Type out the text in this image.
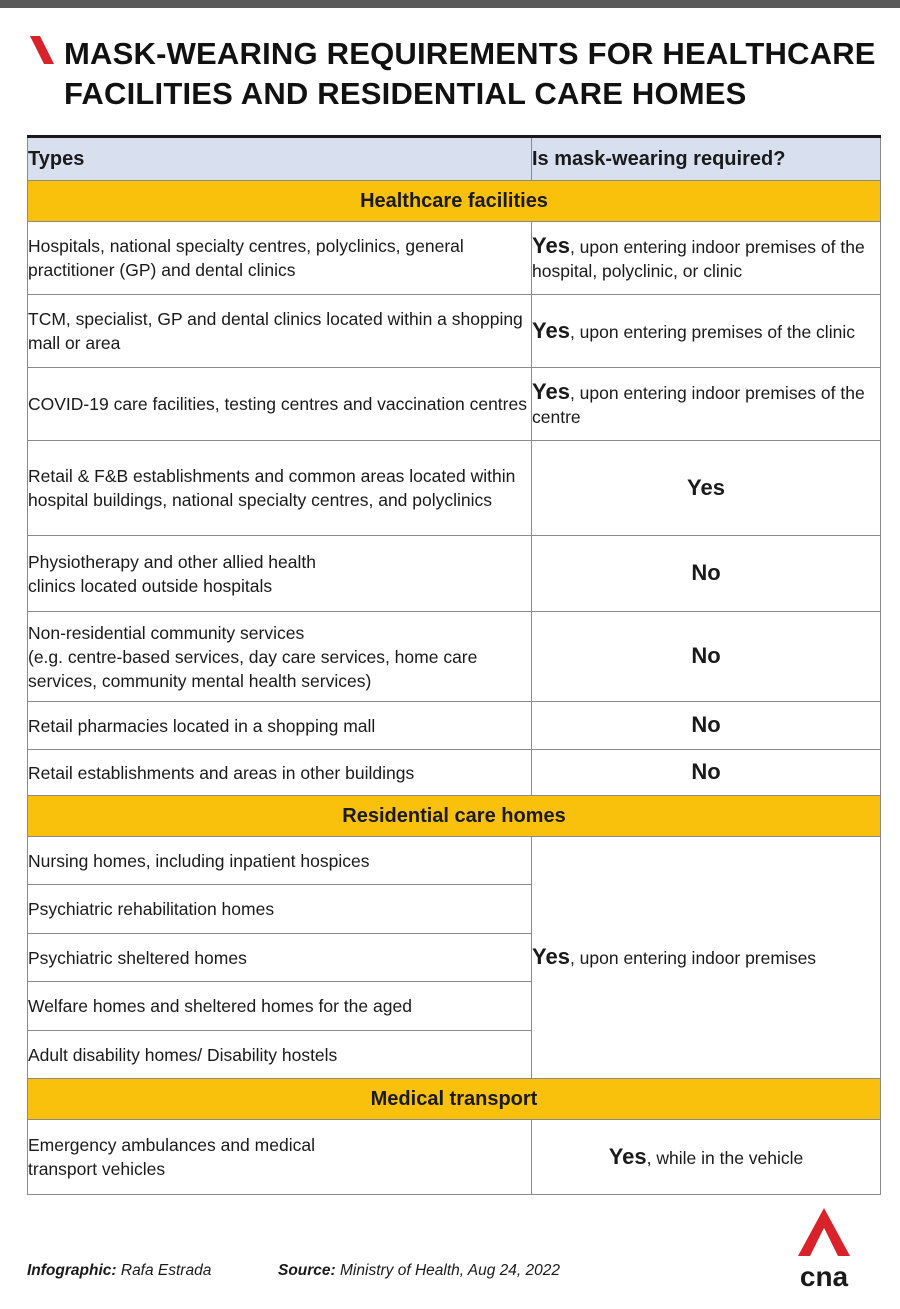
MASK-WEARING REQUIREMENTS FOR HEALTHCARE
FACILITIES AND RESIDENTIAL CARE HOMES
Types	Is mask-wearing required?
Healthcare facilities	
Hospitals, national specialty centres, polyclinics, general practitioner (GP) and dental clinics	Yes, upon entering indoor premises of the hospital, polyclinic, or clinic
TCM, specialist, GP and dental clinics located within a shopping mall or area	Yes, upon entering premises of the clinic
COVID-19 care facilities, testing centres and vaccination centres	Yes, upon entering indoor premises of the centre
Retail & F&B establishments and common areas located within hospital buildings, national specialty centres, and polyclinics	Yes
Physiotherapy and other allied health
clinics located outside hospitals	No
Non-residential community services
(e.g. centre-based services, day care services, home care services, community mental health services)	No
Retail pharmacies located in a shopping mall	No
Retail establishments and areas in other buildings	No
Residential care homes	
Nursing homes, including inpatient hospices	Yes, upon entering indoor premises
Psychiatric rehabilitation homes	
Psychiatric sheltered homes	
Welfare homes and sheltered homes for the aged	
Adult disability homes/ Disability hostels	
Medical transport	
Emergency ambulances and medical
transport vehicles	Yes, while in the vehicle
Infographic: Rafa Estrada	Source: Ministry of Health, Aug 24, 2022	cna
